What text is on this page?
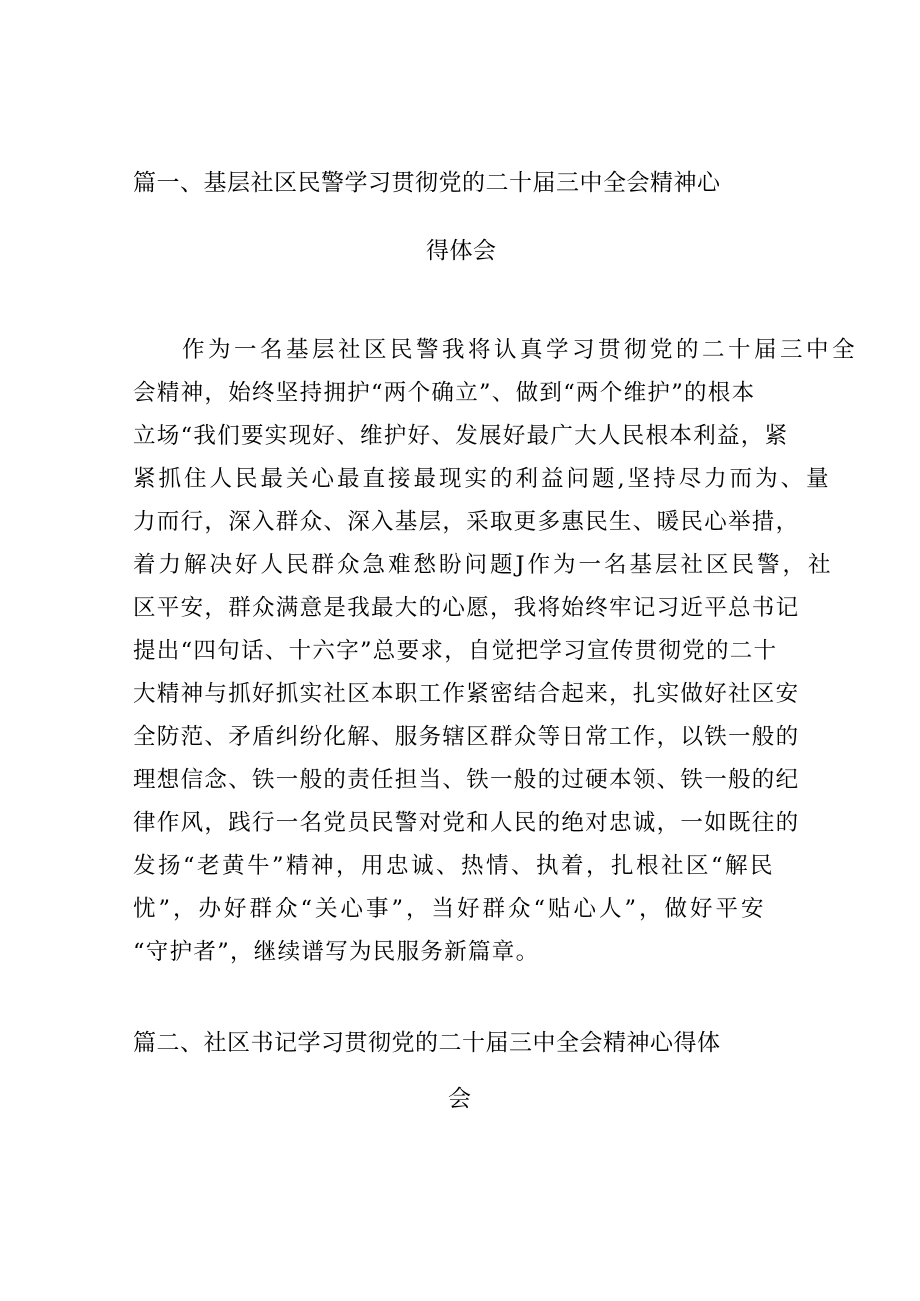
篇一、基层社区民警学习贯彻党的二十届三中全会精神心
得体会
作为一名基层社区民警我将认真学习贯彻党的二十届三中全
会精神，始终坚持拥护“两个确立”、做到“两个维护”的根本
立场“我们要实现好、维护好、发展好最广大人民根本利益，紧
紧抓住人民最关心最直接最现实的利益问题,坚持尽力而为、量
力而行，深入群众、深入基层，采取更多惠民生、暖民心举措，
着力解决好人民群众急难愁盼问题J作为一名基层社区民警，社
区平安，群众满意是我最大的心愿，我将始终牢记习近平总书记
提出“四句话、十六字”总要求，自觉把学习宣传贯彻党的二十
大精神与抓好抓实社区本职工作紧密结合起来，扎实做好社区安
全防范、矛盾纠纷化解、服务辖区群众等日常工作，以铁一般的
理想信念、铁一般的责任担当、铁一般的过硬本领、铁一般的纪
律作风，践行一名党员民警对党和人民的绝对忠诚，一如既往的
发扬“老黄牛”精神，用忠诚、热情、执着，扎根社区“解民
忧”，办好群众“关心事”，当好群众“贴心人”，做好平安
“守护者”，继续谱写为民服务新篇章。
篇二、社区书记学习贯彻党的二十届三中全会精神心得体
会
